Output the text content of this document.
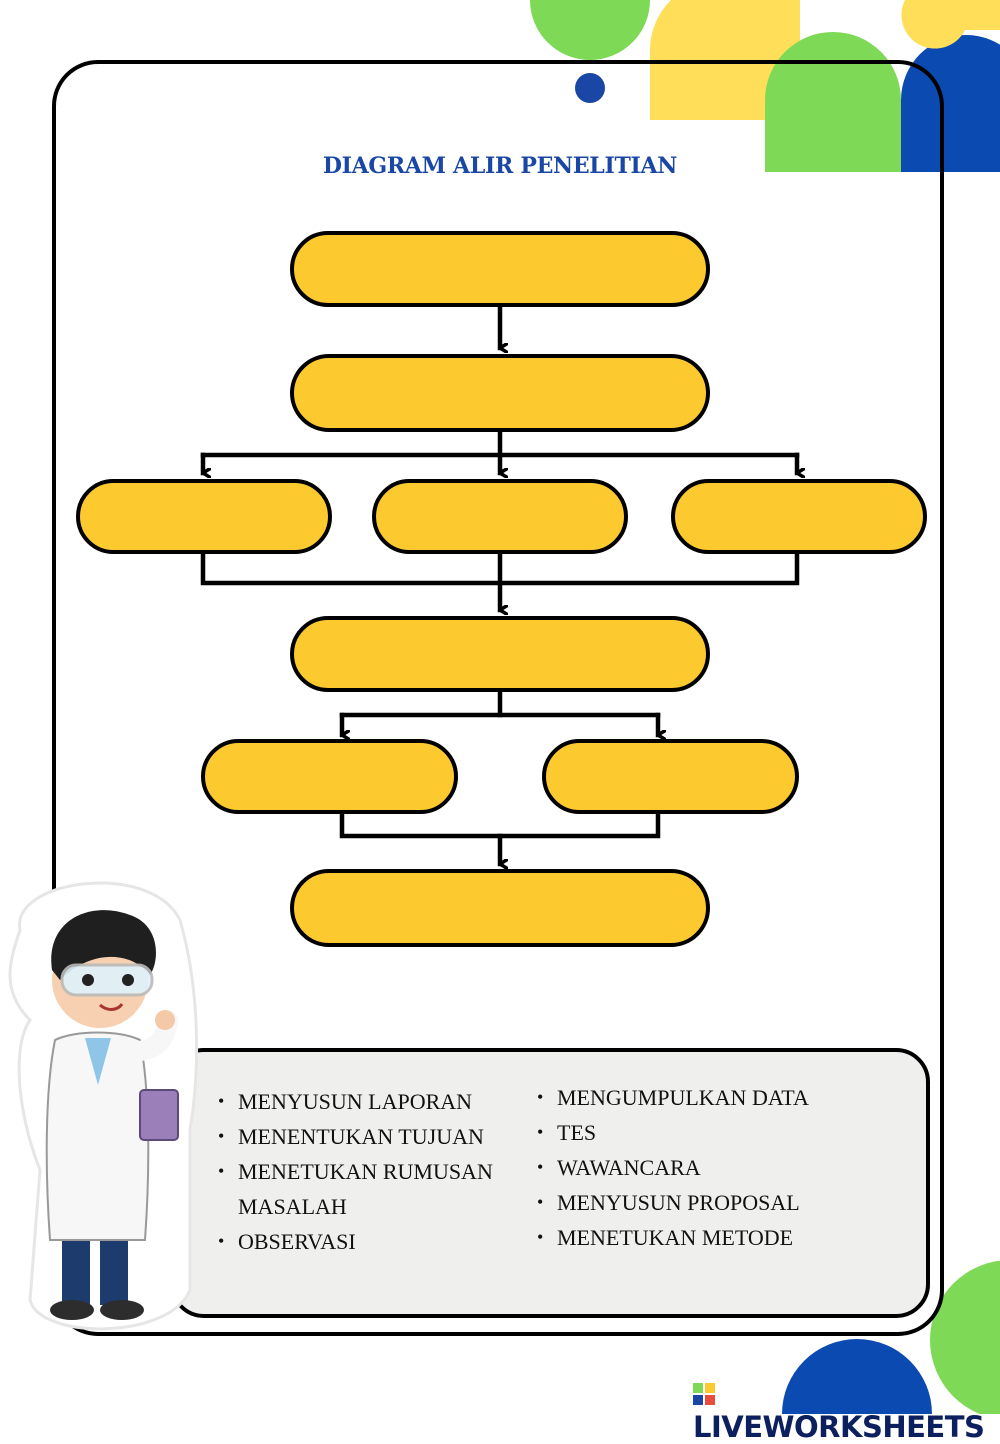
DIAGRAM ALIR PENELITIAN
• MENYUSUN LAPORAN
• MENENTUKAN TUJUAN
• MENETUKAN RUMUSAN MASALAH
• OBSERVASI
• MENGUMPULKAN DATA
• TES
• WAWANCARA
• MENYUSUN PROPOSAL
• MENETUKAN METODE
LIVEWORKSHEETS
